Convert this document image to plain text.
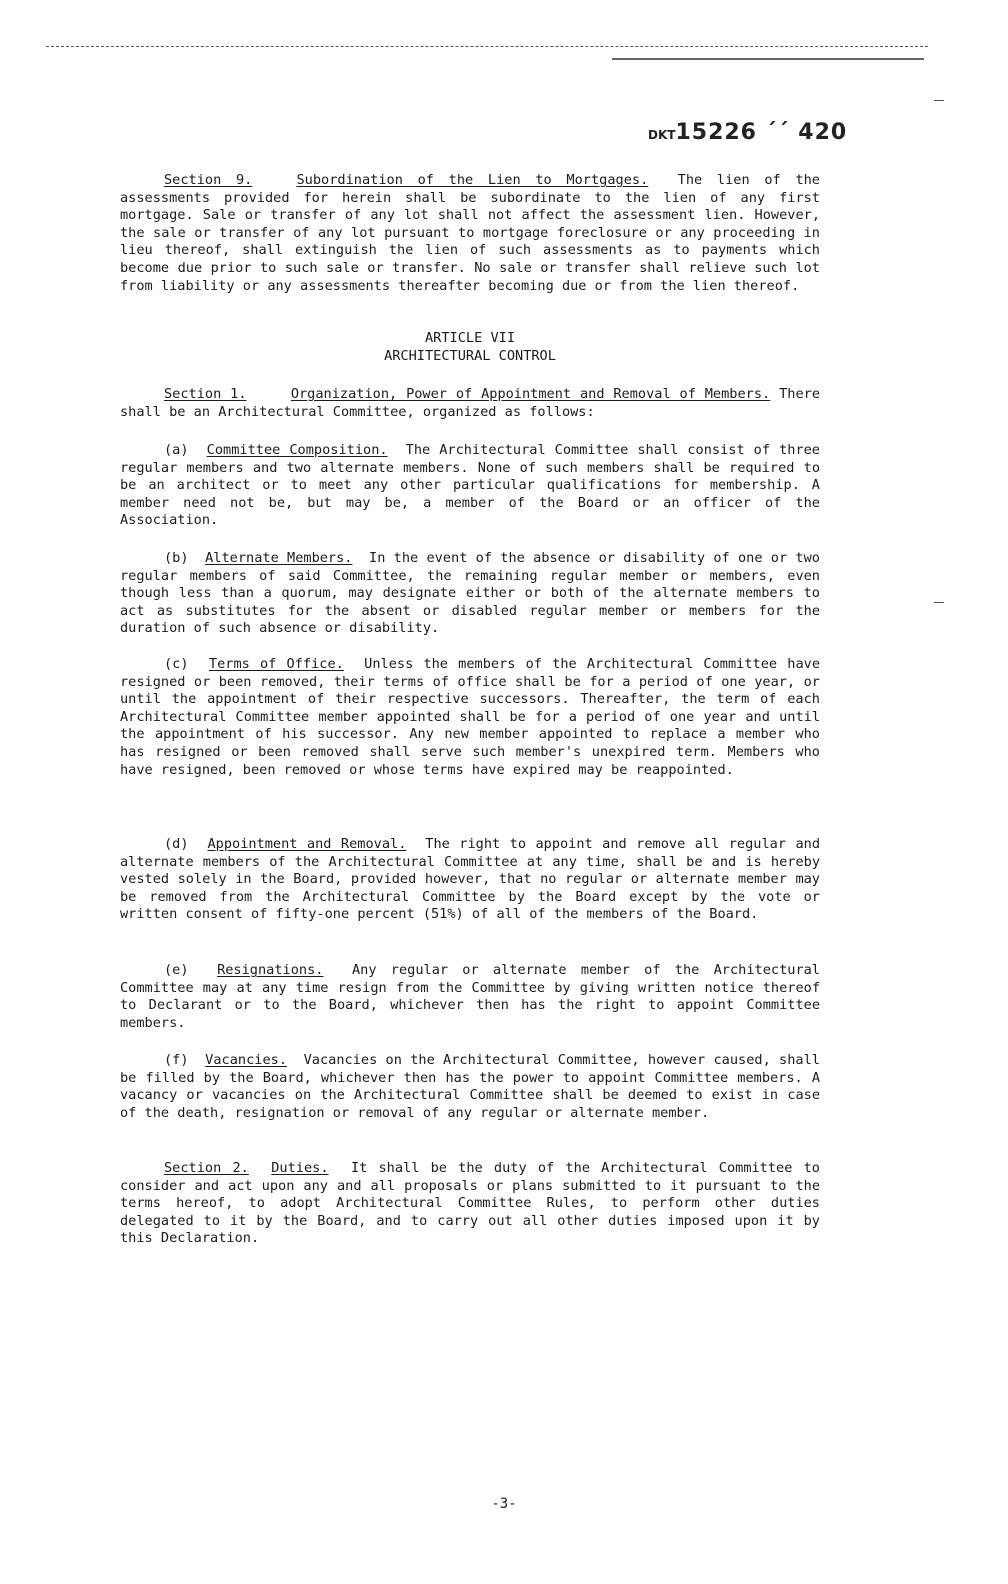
DKT15226 ˊˊ 420

Section 9.	Subordination of the Lien to Mortgages. The lien of the assessments provided for herein shall be subordinate to the lien of any first mortgage. Sale or transfer of any lot shall not affect the assessment lien. However, the sale or transfer of any lot pursuant to mortgage foreclosure or any proceeding in lieu thereof, shall extinguish the lien of such assessments as to payments which become due prior to such sale or transfer. No sale or transfer shall relieve such lot from liability or any assessments thereafter becoming due or from the lien thereof.

ARTICLE VII
ARCHITECTURAL CONTROL

Section 1.	Organization, Power of Appointment and Removal of Members. There shall be an Architectural Committee, organized as follows:

(a) Committee Composition. The Architectural Committee shall consist of three regular members and two alternate members. None of such members shall be required to be an architect or to meet any other particular qualifications for membership. A member need not be, but may be, a member of the Board or an officer of the Association.

(b) Alternate Members. In the event of the absence or disability of one or two regular members of said Committee, the remaining regular member or members, even though less than a quorum, may designate either or both of the alternate members to act as substitutes for the absent or disabled regular member or members for the duration of such absence or disability.

(c) Terms of Office. Unless the members of the Architectural Committee have resigned or been removed, their terms of office shall be for a period of one year, or until the appointment of their respective successors. Thereafter, the term of each Architectural Committee member appointed shall be for a period of one year and until the appointment of his successor. Any new member appointed to replace a member who has resigned or been removed shall serve such member's unexpired term. Members who have resigned, been removed or whose terms have expired may be reappointed.

(d) Appointment and Removal. The right to appoint and remove all regular and alternate members of the Architectural Committee at any time, shall be and is hereby vested solely in the Board, provided however, that no regular or alternate member may be removed from the Architectural Committee by the Board except by the vote or written consent of fifty-one percent (51%) of all of the members of the Board.

(e) Resignations. Any regular or alternate member of the Architectural Committee may at any time resign from the Committee by giving written notice thereof to Declarant or to the Board, whichever then has the right to appoint Committee members.

(f) Vacancies. Vacancies on the Architectural Committee, however caused, shall be filled by the Board, whichever then has the power to appoint Committee members. A vacancy or vacancies on the Architectural Committee shall be deemed to exist in case of the death, resignation or removal of any regular or alternate member.

Section 2. Duties. It shall be the duty of the Architectural Committee to consider and act upon any and all proposals or plans submitted to it pursuant to the terms hereof, to adopt Architectural Committee Rules, to perform other duties delegated to it by the Board, and to carry out all other duties imposed upon it by this Declaration.

-3-
